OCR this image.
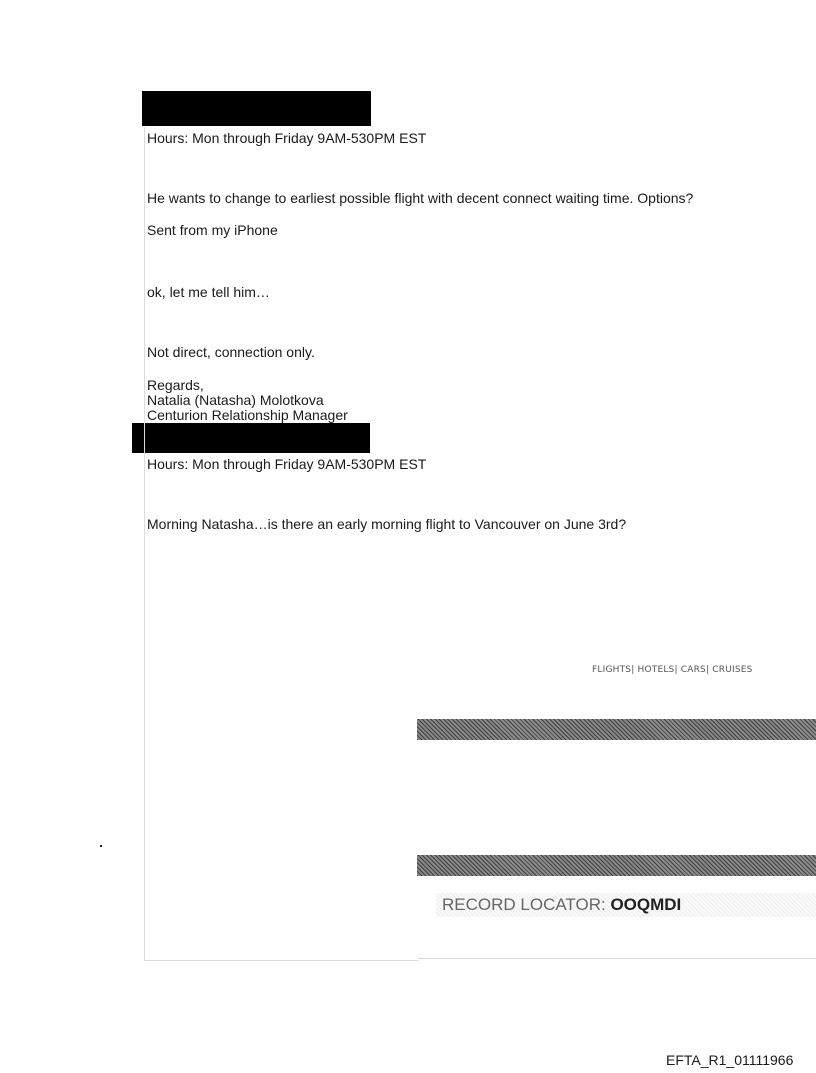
Hours: Mon through Friday 9AM-530PM EST
He wants to change to earliest possible flight with decent connect waiting time. Options?
Sent from my iPhone
ok, let me tell him…
Not direct, connection only.
Regards,
Natalia (Natasha) Molotkova
Centurion Relationship Manager
Hours: Mon through Friday 9AM-530PM EST
Morning Natasha…is there an early morning flight to Vancouver on June 3rd?
FLIGHTS| HOTELS| CARS| CRUISES
RECORD LOCATOR: OOQMDI
EFTA_R1_01111966
